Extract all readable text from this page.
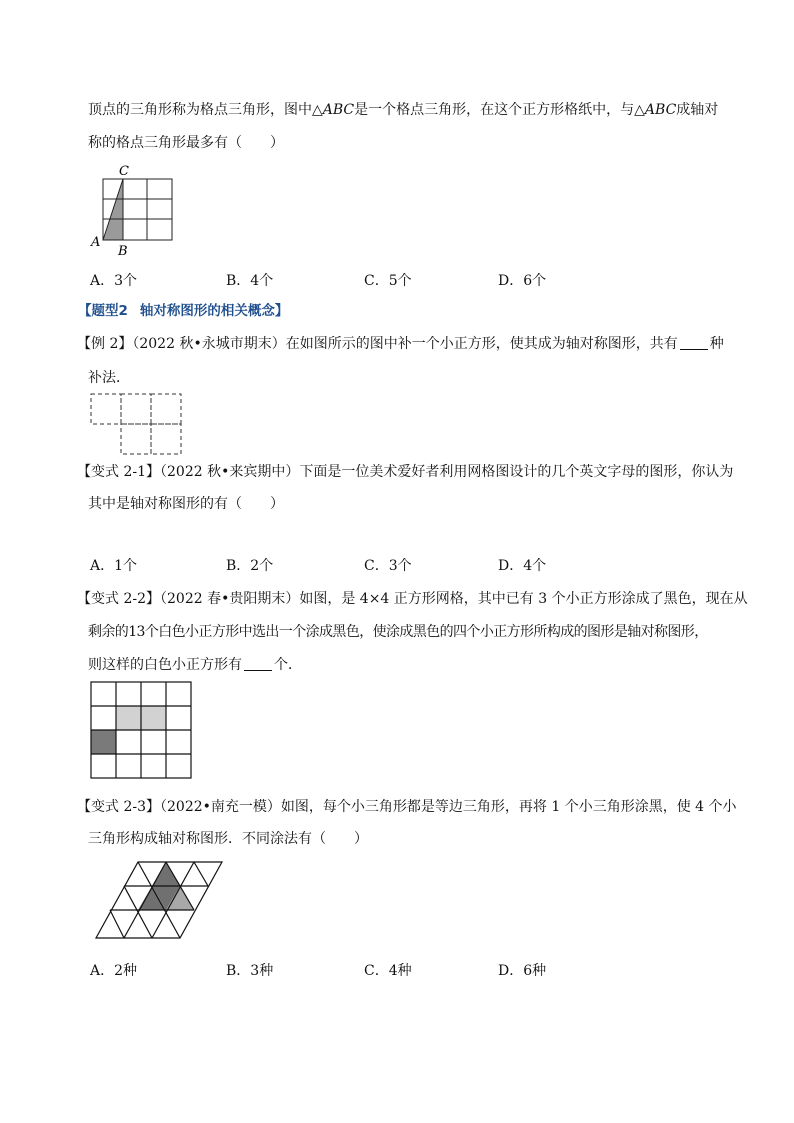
顶点的三角形称为格点三角形，图中△ABC是一个格点三角形，在这个正方形格纸中，与△ABC成轴对
称的格点三角形最多有（　　）
C
A
B
A．3个	B．4个	C．5个	D．6个
【题型2 轴对称图形的相关概念】
【例 2】（2022 秋•永城市期末）在如图所示的图中补一个小正方形，使其成为轴对称图形，共有 种
补法．
【变式 2-1】（2022 秋•来宾期中）下面是一位美术爱好者利用网格图设计的几个英文字母的图形，你认为
其中是轴对称图形的有（　　）
A．1个	B．2个	C．3个	D．4个
【变式 2-2】（2022 春•贵阳期末）如图，是 4×4 正方形网格，其中已有 3 个小正方形涂成了黑色，现在从
剩余的13个白色小正方形中选出一个涂成黑色，使涂成黑色的四个小正方形所构成的图形是轴对称图形，
则这样的白色小正方形有 个．
【变式 2-3】（2022•南充一模）如图，每个小三角形都是等边三角形，再将 1 个小三角形涂黑，使 4 个小
三角形构成轴对称图形．不同涂法有（　　）
A．2种	B．3种	C．4种	D．6种
